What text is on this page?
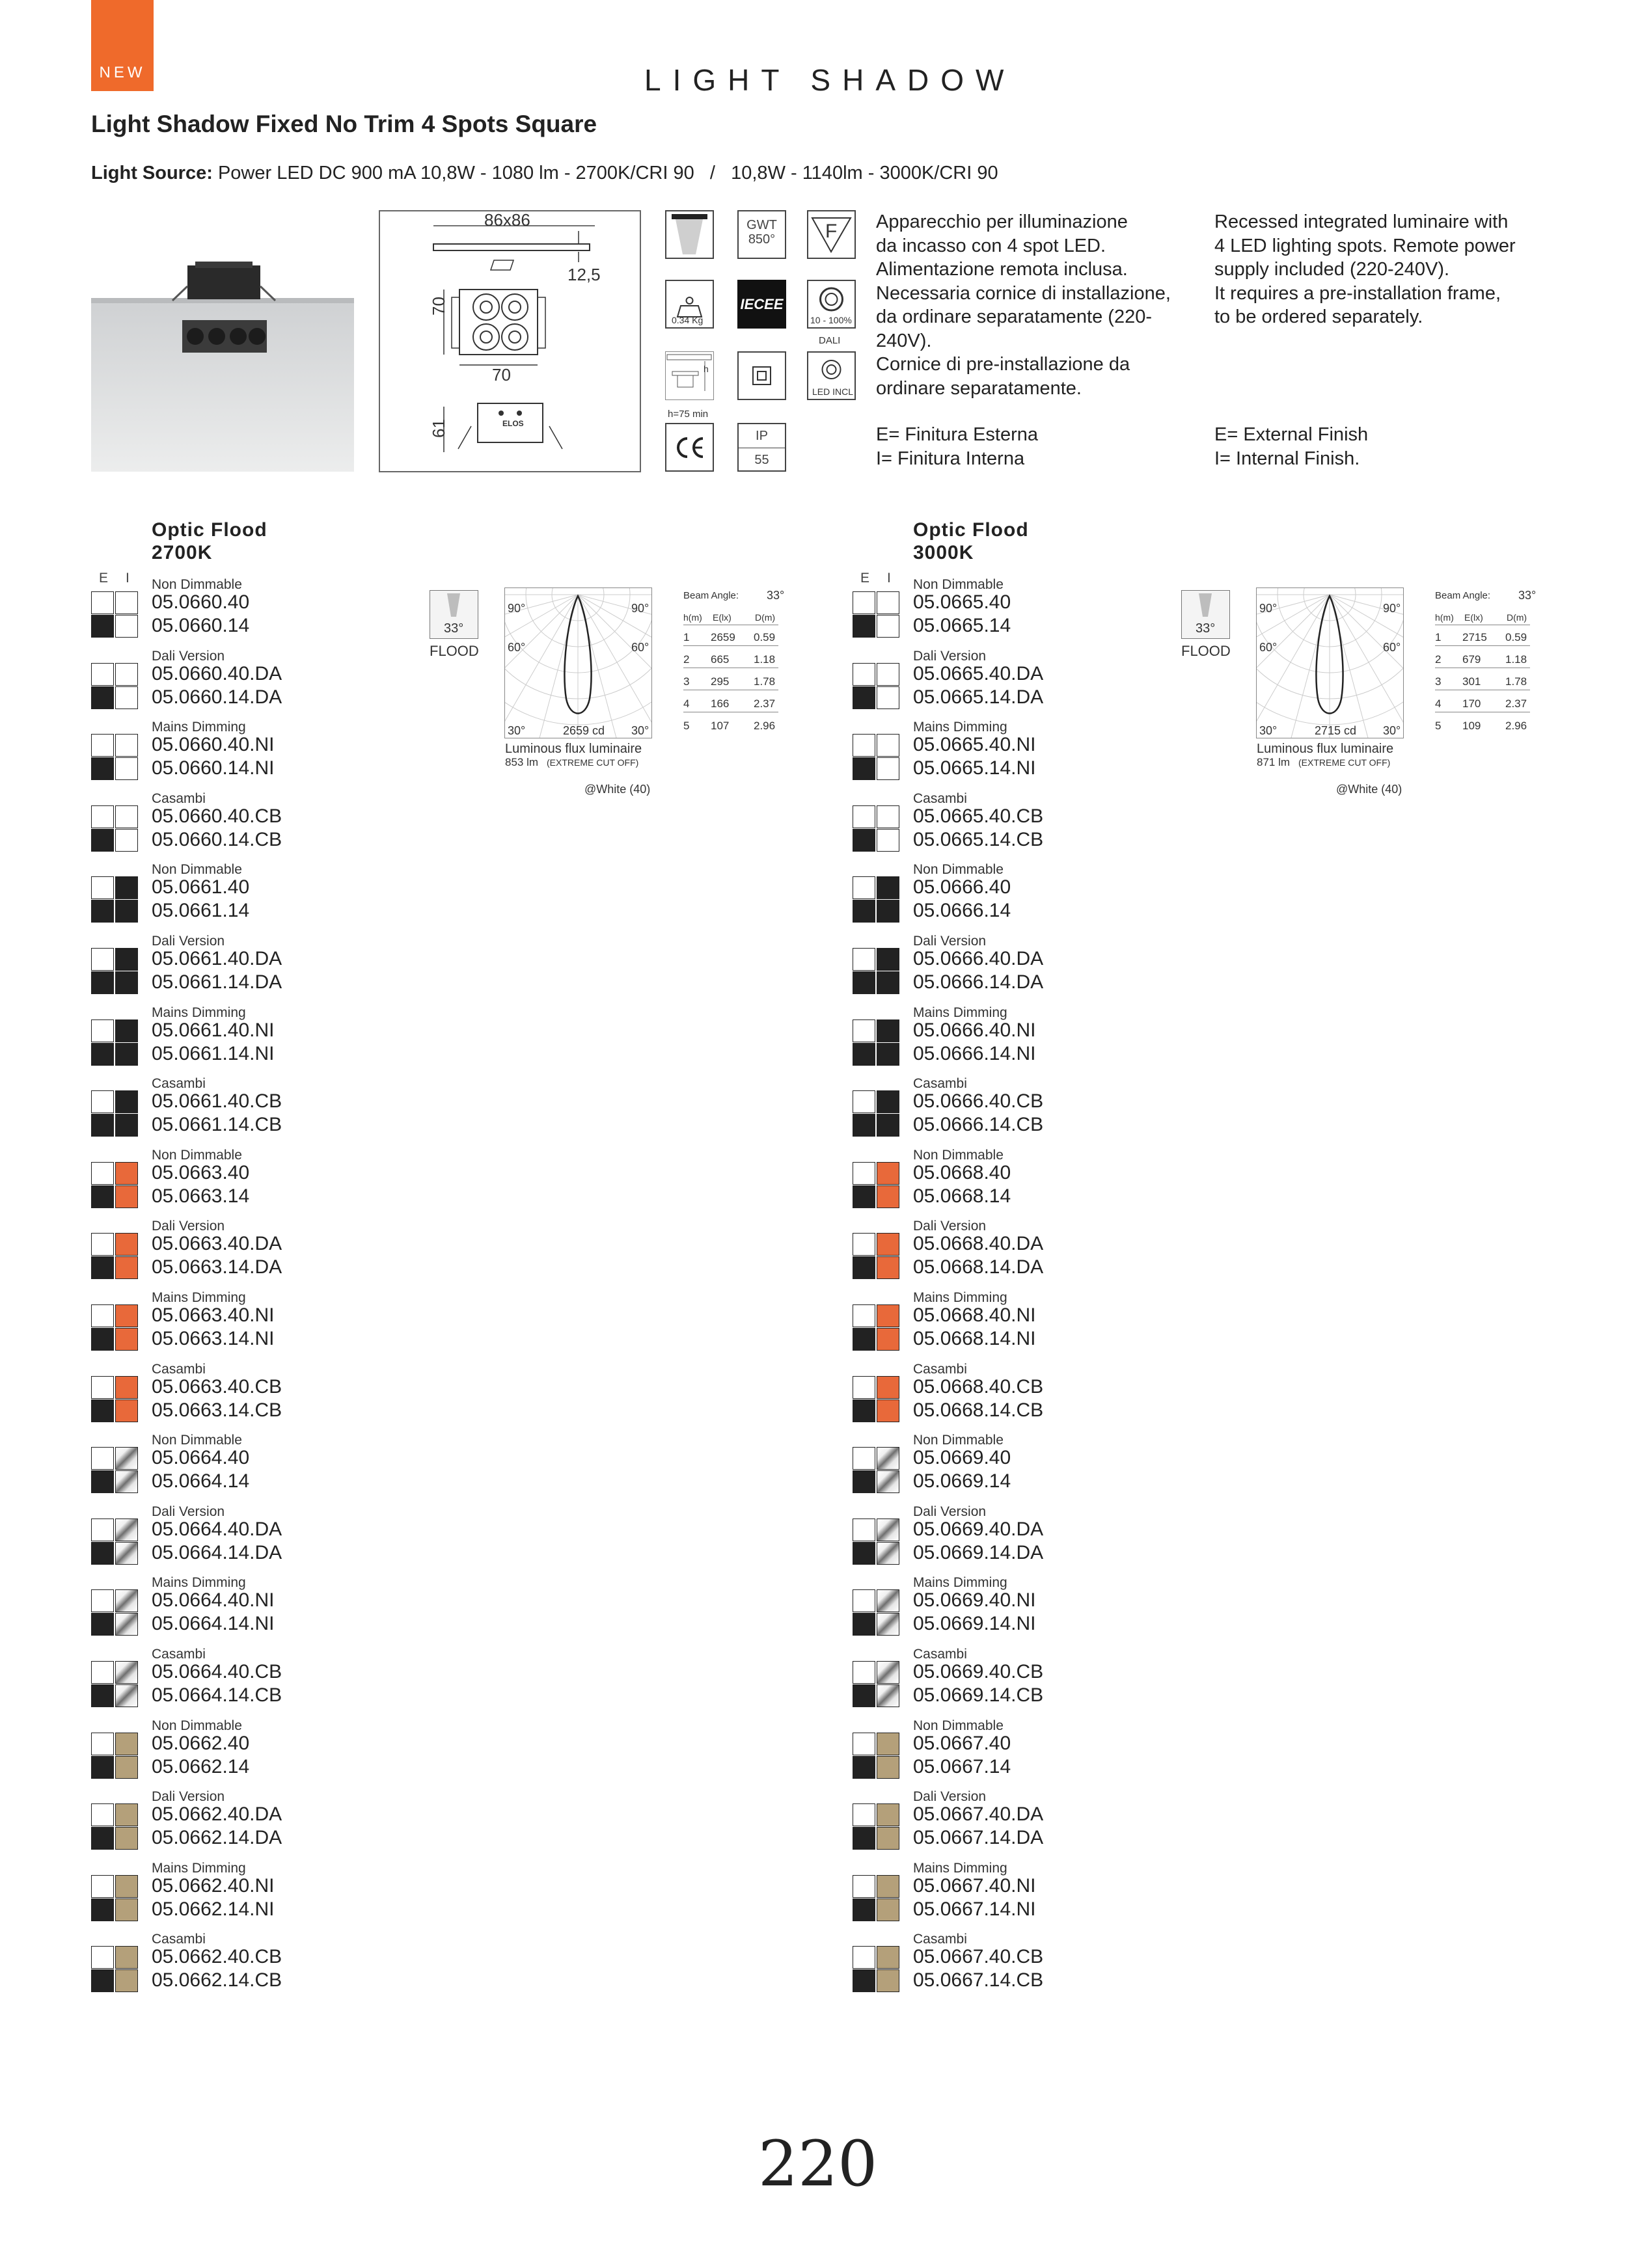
NEW	LIGHT SHADOW
Light Shadow Fixed No Trim 4 Spots Square
Light Source: Power LED DC 900 mA 10,8W - 1080 lm - 2700K/CRI 90   /   10,8W - 1140lm - 3000K/CRI 90
86x86
12,5
70
70
61	ELOS
GWT
850°	F
0.34 Kg
IECEE
10 - 100%
DALI
h
h=75 min
LED INCL
IP
55
Apparecchio per illuminazione
da incasso con 4 spot LED.
Alimentazione remota inclusa.
Necessaria cornice di installazione,
da ordinare separatamente (220-
240V).
Cornice di pre-installazione da
ordinare separatamente.
Recessed integrated luminaire with
4 LED lighting spots. Remote power
supply included (220-240V).
It requires a pre-installation frame,
to be ordered separately.
E= Finitura Esterna
I= Finitura Interna
E= External Finish
I= Internal Finish.
Optic Flood
2700K
E I Non Dimmable
05.0660.40
05.0660.14
Dali Version
05.0660.40.DA
05.0660.14.DA
Mains Dimming
05.0660.40.NI
05.0660.14.NI
Casambi
05.0660.40.CB
05.0660.14.CB
Non Dimmable
05.0661.40
05.0661.14
Dali Version
05.0661.40.DA
05.0661.14.DA
Mains Dimming
05.0661.40.NI
05.0661.14.NI
Casambi
05.0661.40.CB
05.0661.14.CB
Non Dimmable
05.0663.40
05.0663.14
Dali Version
05.0663.40.DA
05.0663.14.DA
Mains Dimming
05.0663.40.NI
05.0663.14.NI
Casambi
05.0663.40.CB
05.0663.14.CB
Non Dimmable
05.0664.40
05.0664.14
Dali Version
05.0664.40.DA
05.0664.14.DA
Mains Dimming
05.0664.40.NI
05.0664.14.NI
Casambi
05.0664.40.CB
05.0664.14.CB
Non Dimmable
05.0662.40
05.0662.14
Dali Version
05.0662.40.DA
05.0662.14.DA
Mains Dimming
05.0662.40.NI
05.0662.14.NI
Casambi
05.0662.40.CB
05.0662.14.CB
33°
FLOOD
90°	90°
60°	60°
30°	30°
2659 cd
Luminous flux luminaire
853 lm (EXTREME CUT OFF)
@White (40)
Beam Angle: 33°
h(m) E(lx)	D(m)
1 2659 0.59
2 665 1.18
3 295 1.78
4 166 2.37
5 107 2.96
Optic Flood
3000K
E I Non Dimmable
05.0665.40
05.0665.14
Dali Version
05.0665.40.DA
05.0665.14.DA
Mains Dimming
05.0665.40.NI
05.0665.14.NI
Casambi
05.0665.40.CB
05.0665.14.CB
Non Dimmable
05.0666.40
05.0666.14
Dali Version
05.0666.40.DA
05.0666.14.DA
Mains Dimming
05.0666.40.NI
05.0666.14.NI
Casambi
05.0666.40.CB
05.0666.14.CB
Non Dimmable
05.0668.40
05.0668.14
Dali Version
05.0668.40.DA
05.0668.14.DA
Mains Dimming
05.0668.40.NI
05.0668.14.NI
Casambi
05.0668.40.CB
05.0668.14.CB
Non Dimmable
05.0669.40
05.0669.14
Dali Version
05.0669.40.DA
05.0669.14.DA
Mains Dimming
05.0669.40.NI
05.0669.14.NI
Casambi
05.0669.40.CB
05.0669.14.CB
Non Dimmable
05.0667.40
05.0667.14
Dali Version
05.0667.40.DA
05.0667.14.DA
Mains Dimming
05.0667.40.NI
05.0667.14.NI
Casambi
05.0667.40.CB
05.0667.14.CB
33°
FLOOD
90°	90°
60°	60°
30°	30°
2715 cd
Luminous flux luminaire
871 lm (EXTREME CUT OFF)
@White (40)
Beam Angle: 33°
h(m) E(lx)	D(m)
1 2715 0.59
2 679 1.18
3 301 1.78
4 170 2.37
5 109 2.96
220
